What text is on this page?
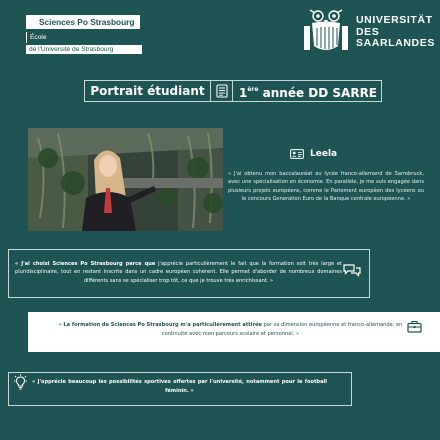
Sciences Po Strasbourg
École
de l'Université de Strasbourg
UNIVERSITÄT
DES
SAARLANDES
Portrait étudiant	1ère année DD SARRE
Leela

« J'ai obtenu mon baccalauréat au lycée franco-allemand de Sarrebruck, avec une spécialisation en économie. En parallèle, je me suis engagée dans plusieurs projets européens, comme le Parlement européen des lycéens ou le concours Generation Euro de la Banque centrale européenne. »

« J'ai choisi Sciences Po Strasbourg parce que j'apprécie particulièrement le fait que la formation soit très large et pluridisciplinaire, tout en restant inscrite dans un cadre européen cohérent. Elle permet d'aborder de nombreux domaines différents sans se spécialiser trop tôt, ce que je trouve très enrichissant. »

« La formation de Sciences Po Strasbourg m'a particulièrement attirée par sa dimension européenne et franco-allemande, en continuité avec mon parcours scolaire et personnel. »

« J'apprécie beaucoup les possibilités sportives offertes par l'université, notamment pour le football féminin. »
